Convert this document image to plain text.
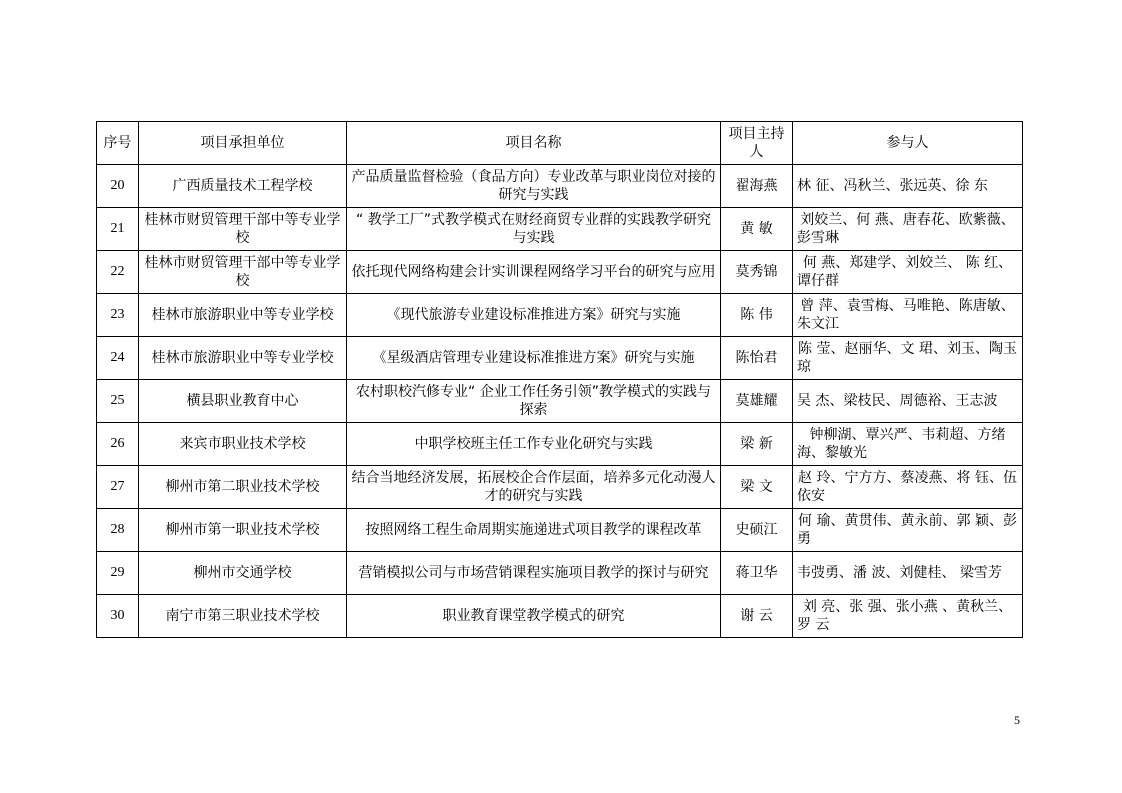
序号	项目承担单位	项目名称	项目主持人	参与人
20	广西质量技术工程学校	产品质量监督检验（食品方向）专业改革与职业岗位对接的研究与实践	翟海燕	林 征、冯秋兰、张远英、徐 东
21	桂林市财贸管理干部中等专业学校	“ 教学工厂”式教学模式在财经商贸专业群的实践教学研究与实践	黄 敏	刘姣兰、何 燕、唐春花、欧紫薇、彭雪琳
22	桂林市财贸管理干部中等专业学校	依托现代网络构建会计实训课程网络学习平台的研究与应用	莫秀锦	何 燕、郑建学、刘姣兰、 陈 红、谭仔群
23	桂林市旅游职业中等专业学校	《现代旅游专业建设标准推进方案》研究与实施	陈 伟	曾 萍、袁雪梅、马唯艳、陈唐敏、朱文江
24	桂林市旅游职业中等专业学校	《星级酒店管理专业建设标准推进方案》研究与实施	陈怡君	陈 莹、赵丽华、文 珺、刘玉、陶玉琼
25	横县职业教育中心	农村职校汽修专业“ 企业工作任务引领”教学模式的实践与探索	莫雄耀	吴 杰、梁枝民、周德裕、王志波
26	来宾市职业技术学校	中职学校班主任工作专业化研究与实践	梁 新	钟柳湖、覃兴严、韦莉超、方绪海、黎敏光
27	柳州市第二职业技术学校	结合当地经济发展，拓展校企合作层面，培养多元化动漫人才的研究与实践	梁 文	赵 玲、宁方方、蔡凌燕、将 钰、伍依安
28	柳州市第一职业技术学校	按照网络工程生命周期实施递进式项目教学的课程改革	史硕江	何 瑜、黄贯伟、黄永前、郭 颖、彭 勇
29	柳州市交通学校	营销模拟公司与市场营销课程实施项目教学的探讨与研究	蒋卫华	韦弢勇、潘 波、刘健桂、 梁雪芳
30	南宁市第三职业技术学校	职业教育课堂教学模式的研究	谢 云	刘 亮、张 强、张小燕 、黄秋兰、罗 云
5
